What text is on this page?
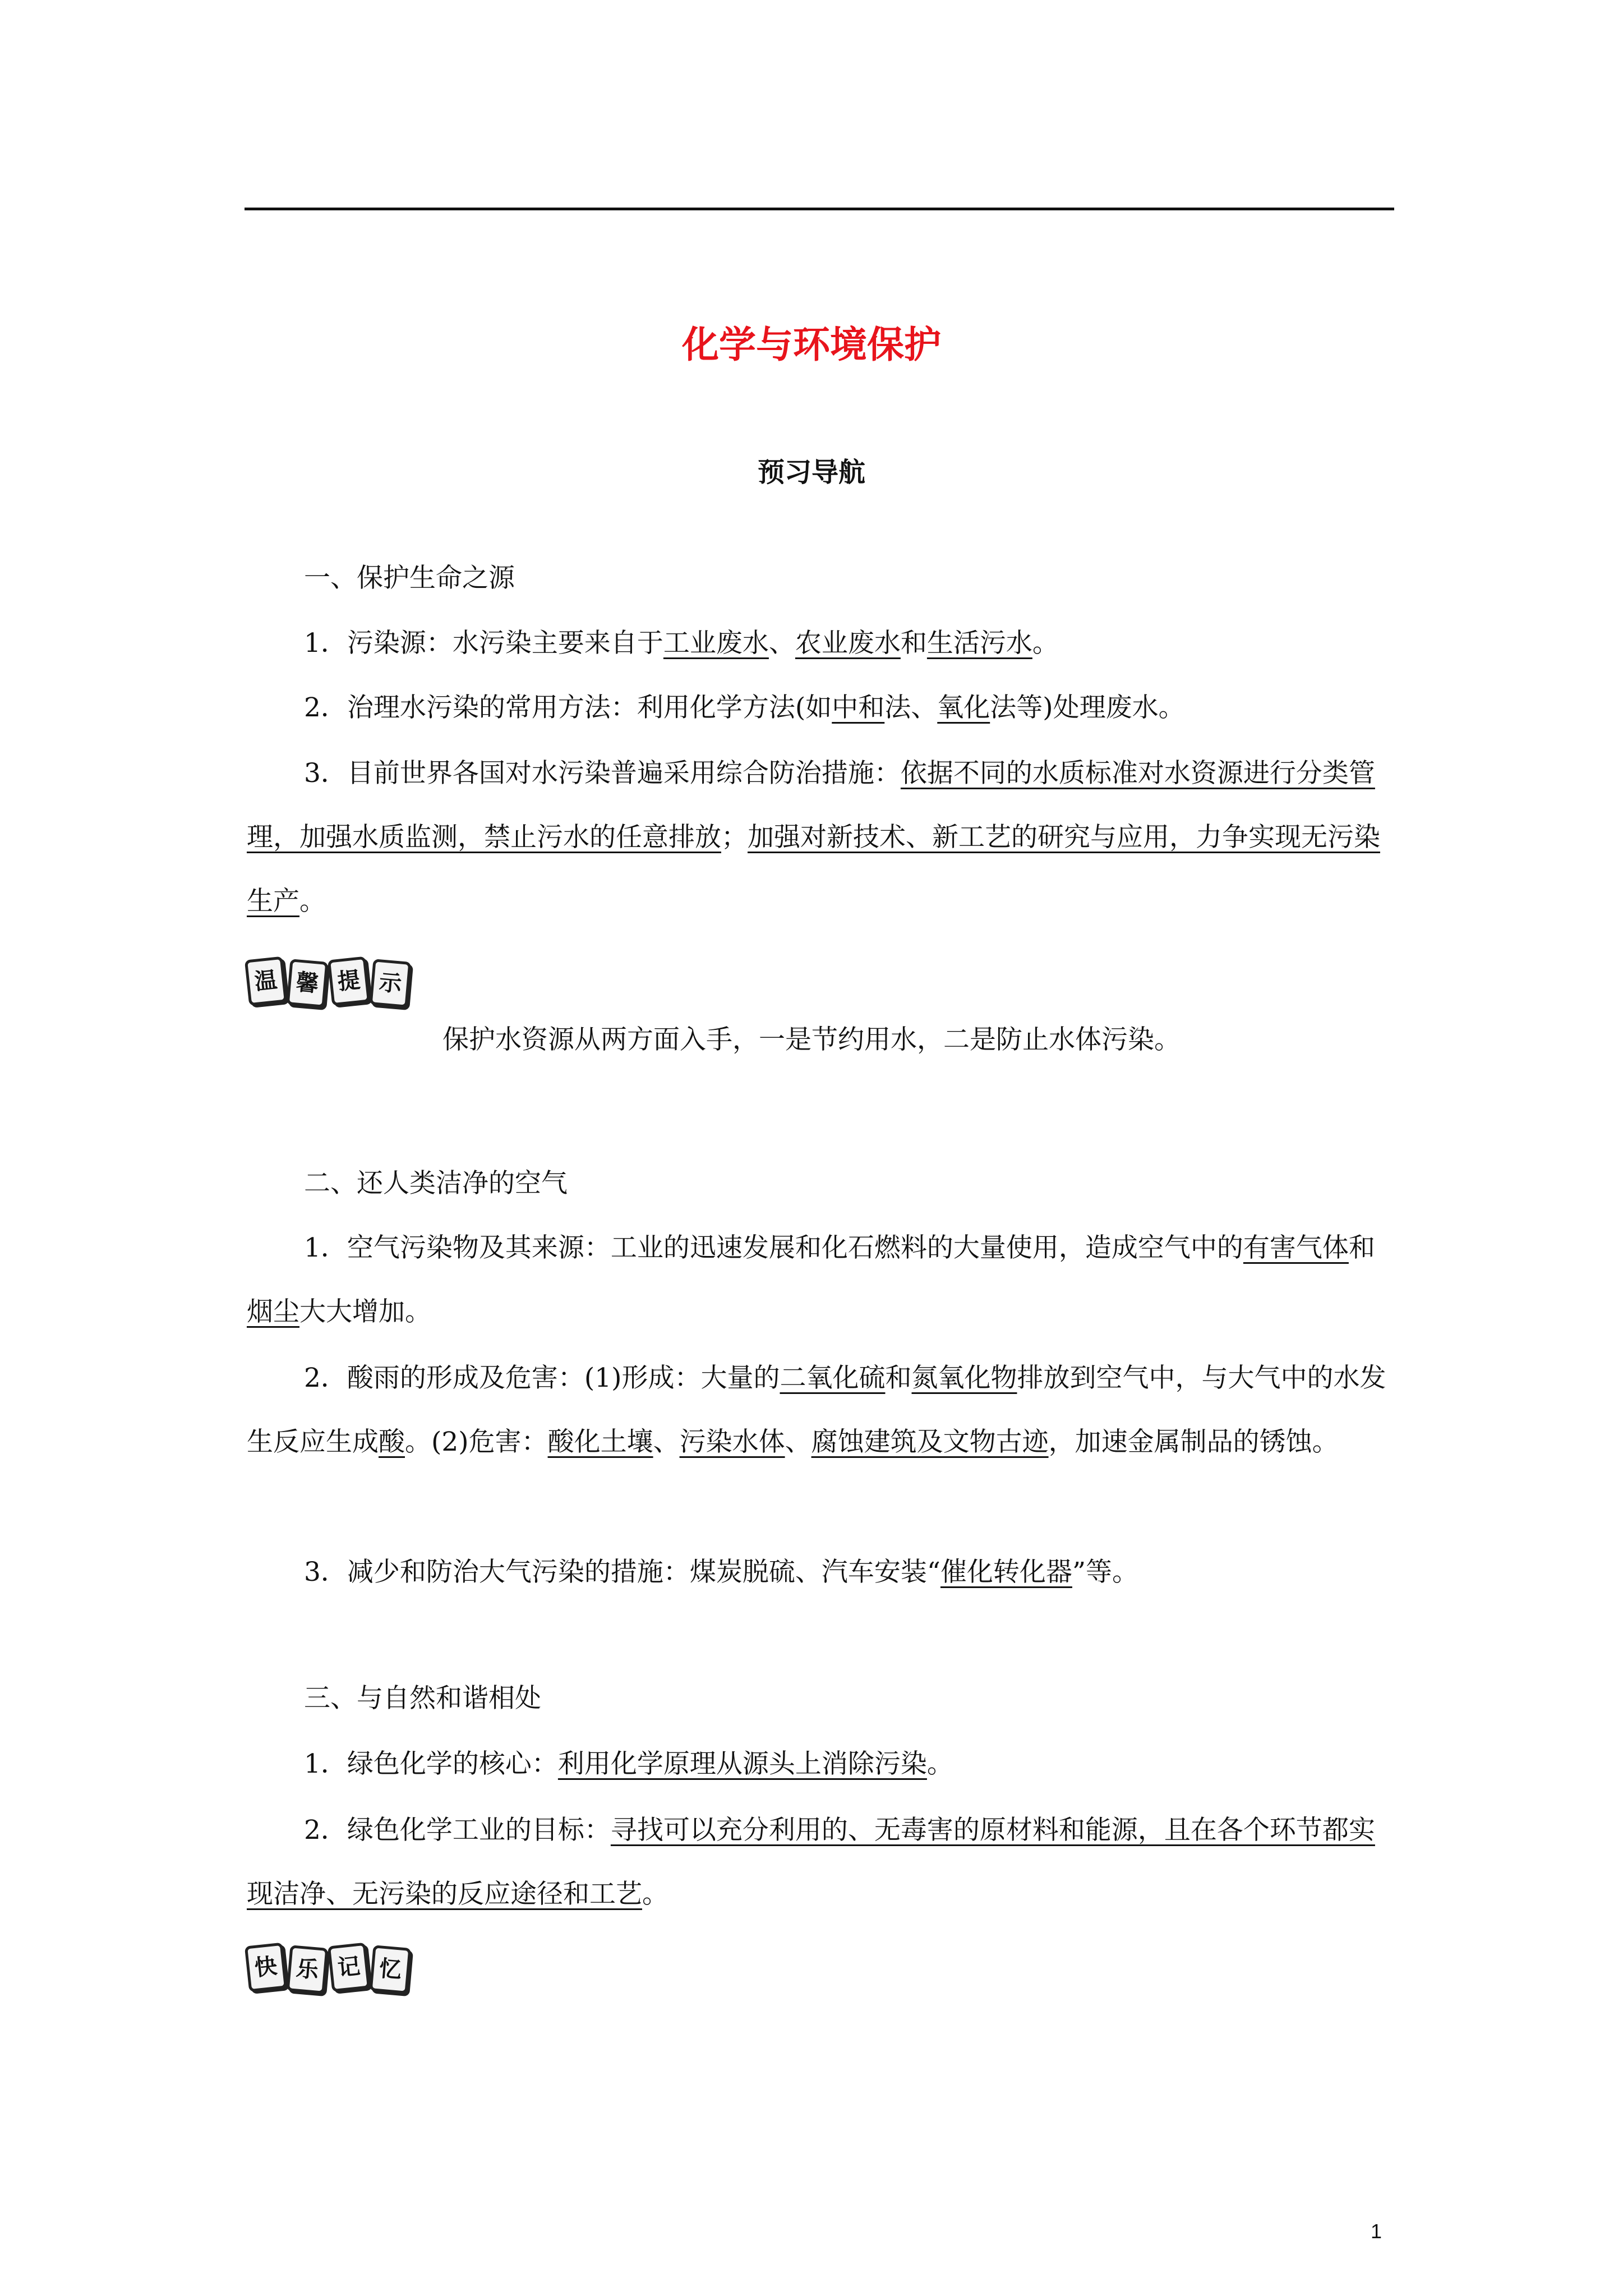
化学与环境保护
预习导航
一、保护生命之源
1．污染源：水污染主要来自于工业废水、农业废水和生活污水。
2．治理水污染的常用方法：利用化学方法(如中和法、氧化法等)处理废水。
3．目前世界各国对水污染普遍采用综合防治措施：依据不同的水质标准对水资源进行分类管理，加强水质监测，禁止污水的任意排放；加强对新技术、新工艺的研究与应用，力争实现无污染生产。
温 馨 提 示
保护水资源从两方面入手，一是节约用水，二是防止水体污染。
二、还人类洁净的空气
1．空气污染物及其来源：工业的迅速发展和化石燃料的大量使用，造成空气中的有害气体和烟尘大大增加。
2．酸雨的形成及危害：(1)形成：大量的二氧化硫和氮氧化物排放到空气中，与大气中的水发生反应生成酸。(2)危害：酸化土壤、污染水体、腐蚀建筑及文物古迹，加速金属制品的锈蚀。
3．减少和防治大气污染的措施：煤炭脱硫、汽车安装“催化转化器”等。
三、与自然和谐相处
1．绿色化学的核心：利用化学原理从源头上消除污染。
2．绿色化学工业的目标：寻找可以充分利用的、无毒害的原材料和能源，且在各个环节都实现洁净、无污染的反应途径和工艺。
快 乐 记 忆
1
